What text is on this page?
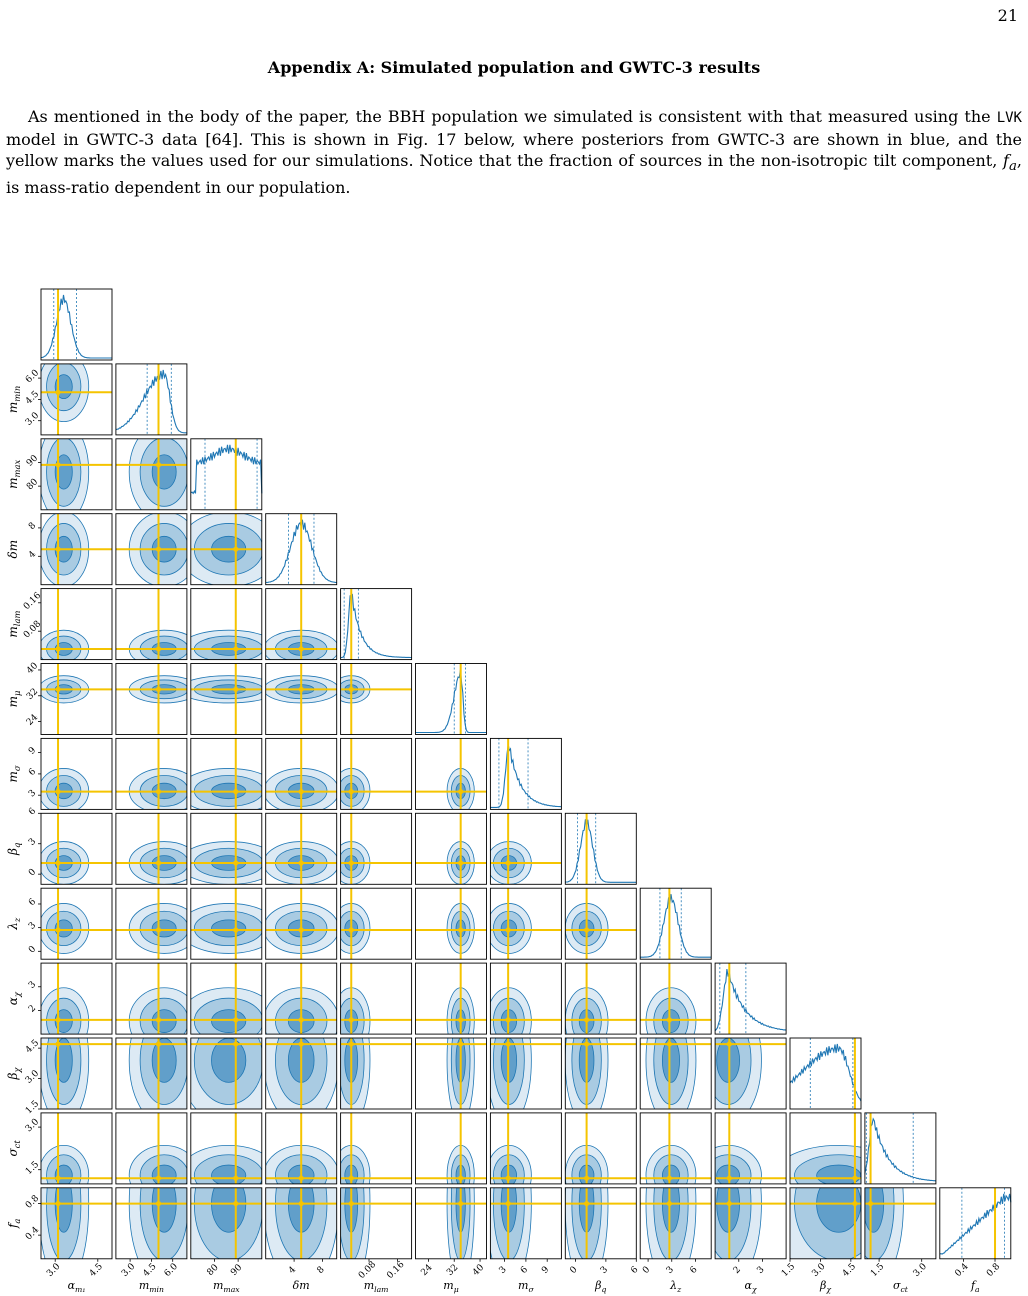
21
Appendix A: Simulated population and GWTC-3 results
As mentioned in the body of the paper, the BBH population we simulated is consistent with that measured using the LVK model in GWTC-3 data [64]. This is shown in Fig. 17 below, where posteriors from GWTC-3 are shown in blue, and the yellow marks the values used for our simulations. Notice that the fraction of sources in the non-isotropic tilt component, $f_a$, is mass-ratio dependent in our population.
3.0
4.5
6.0
$m_{min}$
80
90
$m_{max}$
4
8
δm
0.08
0.16
$m_{lam}$
24
32
40
$m_\mu$
3
6
9
$m_\sigma$
0
3
6
$\beta_q$
0
3
6
$\lambda_z$
2
3
$\alpha_\chi$
1.5
3.0
4.5
$\beta_\chi$
1.5
3.0
$\sigma_{ct}$
0.4
0.8
$f_a$
3.0	4.5
$\alpha_{m_1}$
3.0 4.5 6.0
$m_{min}$
80 90
$m_{max}$
4 8
δm
0.08 0.16
$m_{lam}$
24 32 40
$m_\mu$
3 6 9
$m_\sigma$
0 3 6
$\beta_q$
0 3 6
$\lambda_z$
2 3
$\alpha_\chi$
1.5 3.0 4.5
$\beta_\chi$
1.5	3.0
$\sigma_{ct}$
0.4 0.8
$f_a$
